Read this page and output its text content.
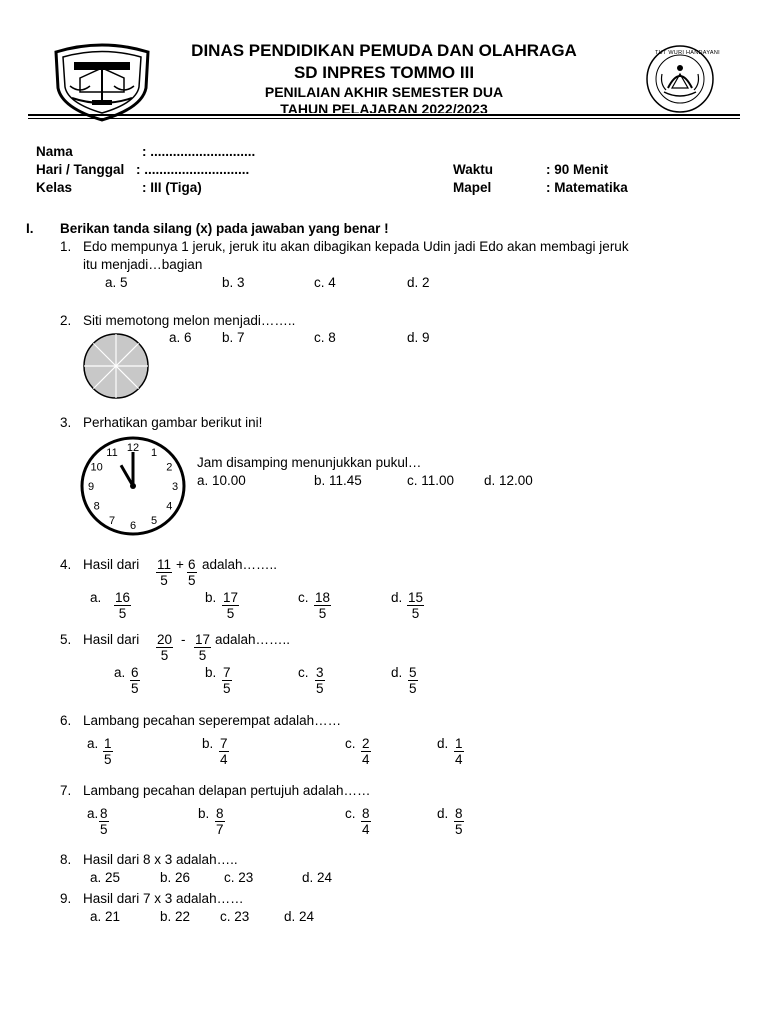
DINAS PENDIDIKAN PEMUDA DAN OLAHRAGA
SD INPRES TOMMO III
PENILAIAN AKHIR SEMESTER DUA
TAHUN PELAJARAN 2022/2023
TUT WURI HANDAYANI
Nama	: ............................
Hari / Tanggal : ............................
Kelas	: III (Tiga)
Waktu	: 90 Menit
Mapel	: Matematika
I. Berikan tanda silang (x) pada jawaban yang benar !
1. Edo mempunya 1 jeruk, jeruk itu akan dibagikan kepada Udin jadi Edo akan membagi jeruk
itu menjadi…bagian
a. 5	b. 3	c. 4	d. 2
2. Siti memotong melon menjadi……..
a. 6 b. 7	c. 8	d. 9
3. Perhatikan gambar berikut ini!
12 1
2
3
4
5
6
7
8
9
10
11
Jam disamping menunjukkan pukul…
a. 10.00	b. 11.45	c. 11.00 d. 12.00
4. Hasil dari $\frac{11}{5} + \frac{6}{5}$ adalah……..
a. $\frac{16}{5}$	b. $\frac{17}{5}$	c. $\frac{18}{5}$	d. $\frac{15}{5}$
5. Hasil dari $\frac{20}{5} - \frac{17}{5}$ adalah……..
a. $\frac{6}{5}$	b. $\frac{7}{5}$	c. $\frac{3}{5}$	d. $\frac{5}{5}$
6. Lambang pecahan seperempat adalah……
a. $\frac{1}{5}$	b. $\frac{7}{4}$	c. $\frac{2}{4}$	d. $\frac{1}{4}$
7. Lambang pecahan delapan pertujuh adalah……
a. $\frac{8}{5}$	b. $\frac{8}{7}$	c. $\frac{8}{4}$	d. $\frac{8}{5}$
8. Hasil dari 8 x 3 adalah…..
a. 25	b. 26	c. 23	d. 24
9. Hasil dari 7 x 3 adalah……
a. 21	b. 22 c. 23	d. 24
